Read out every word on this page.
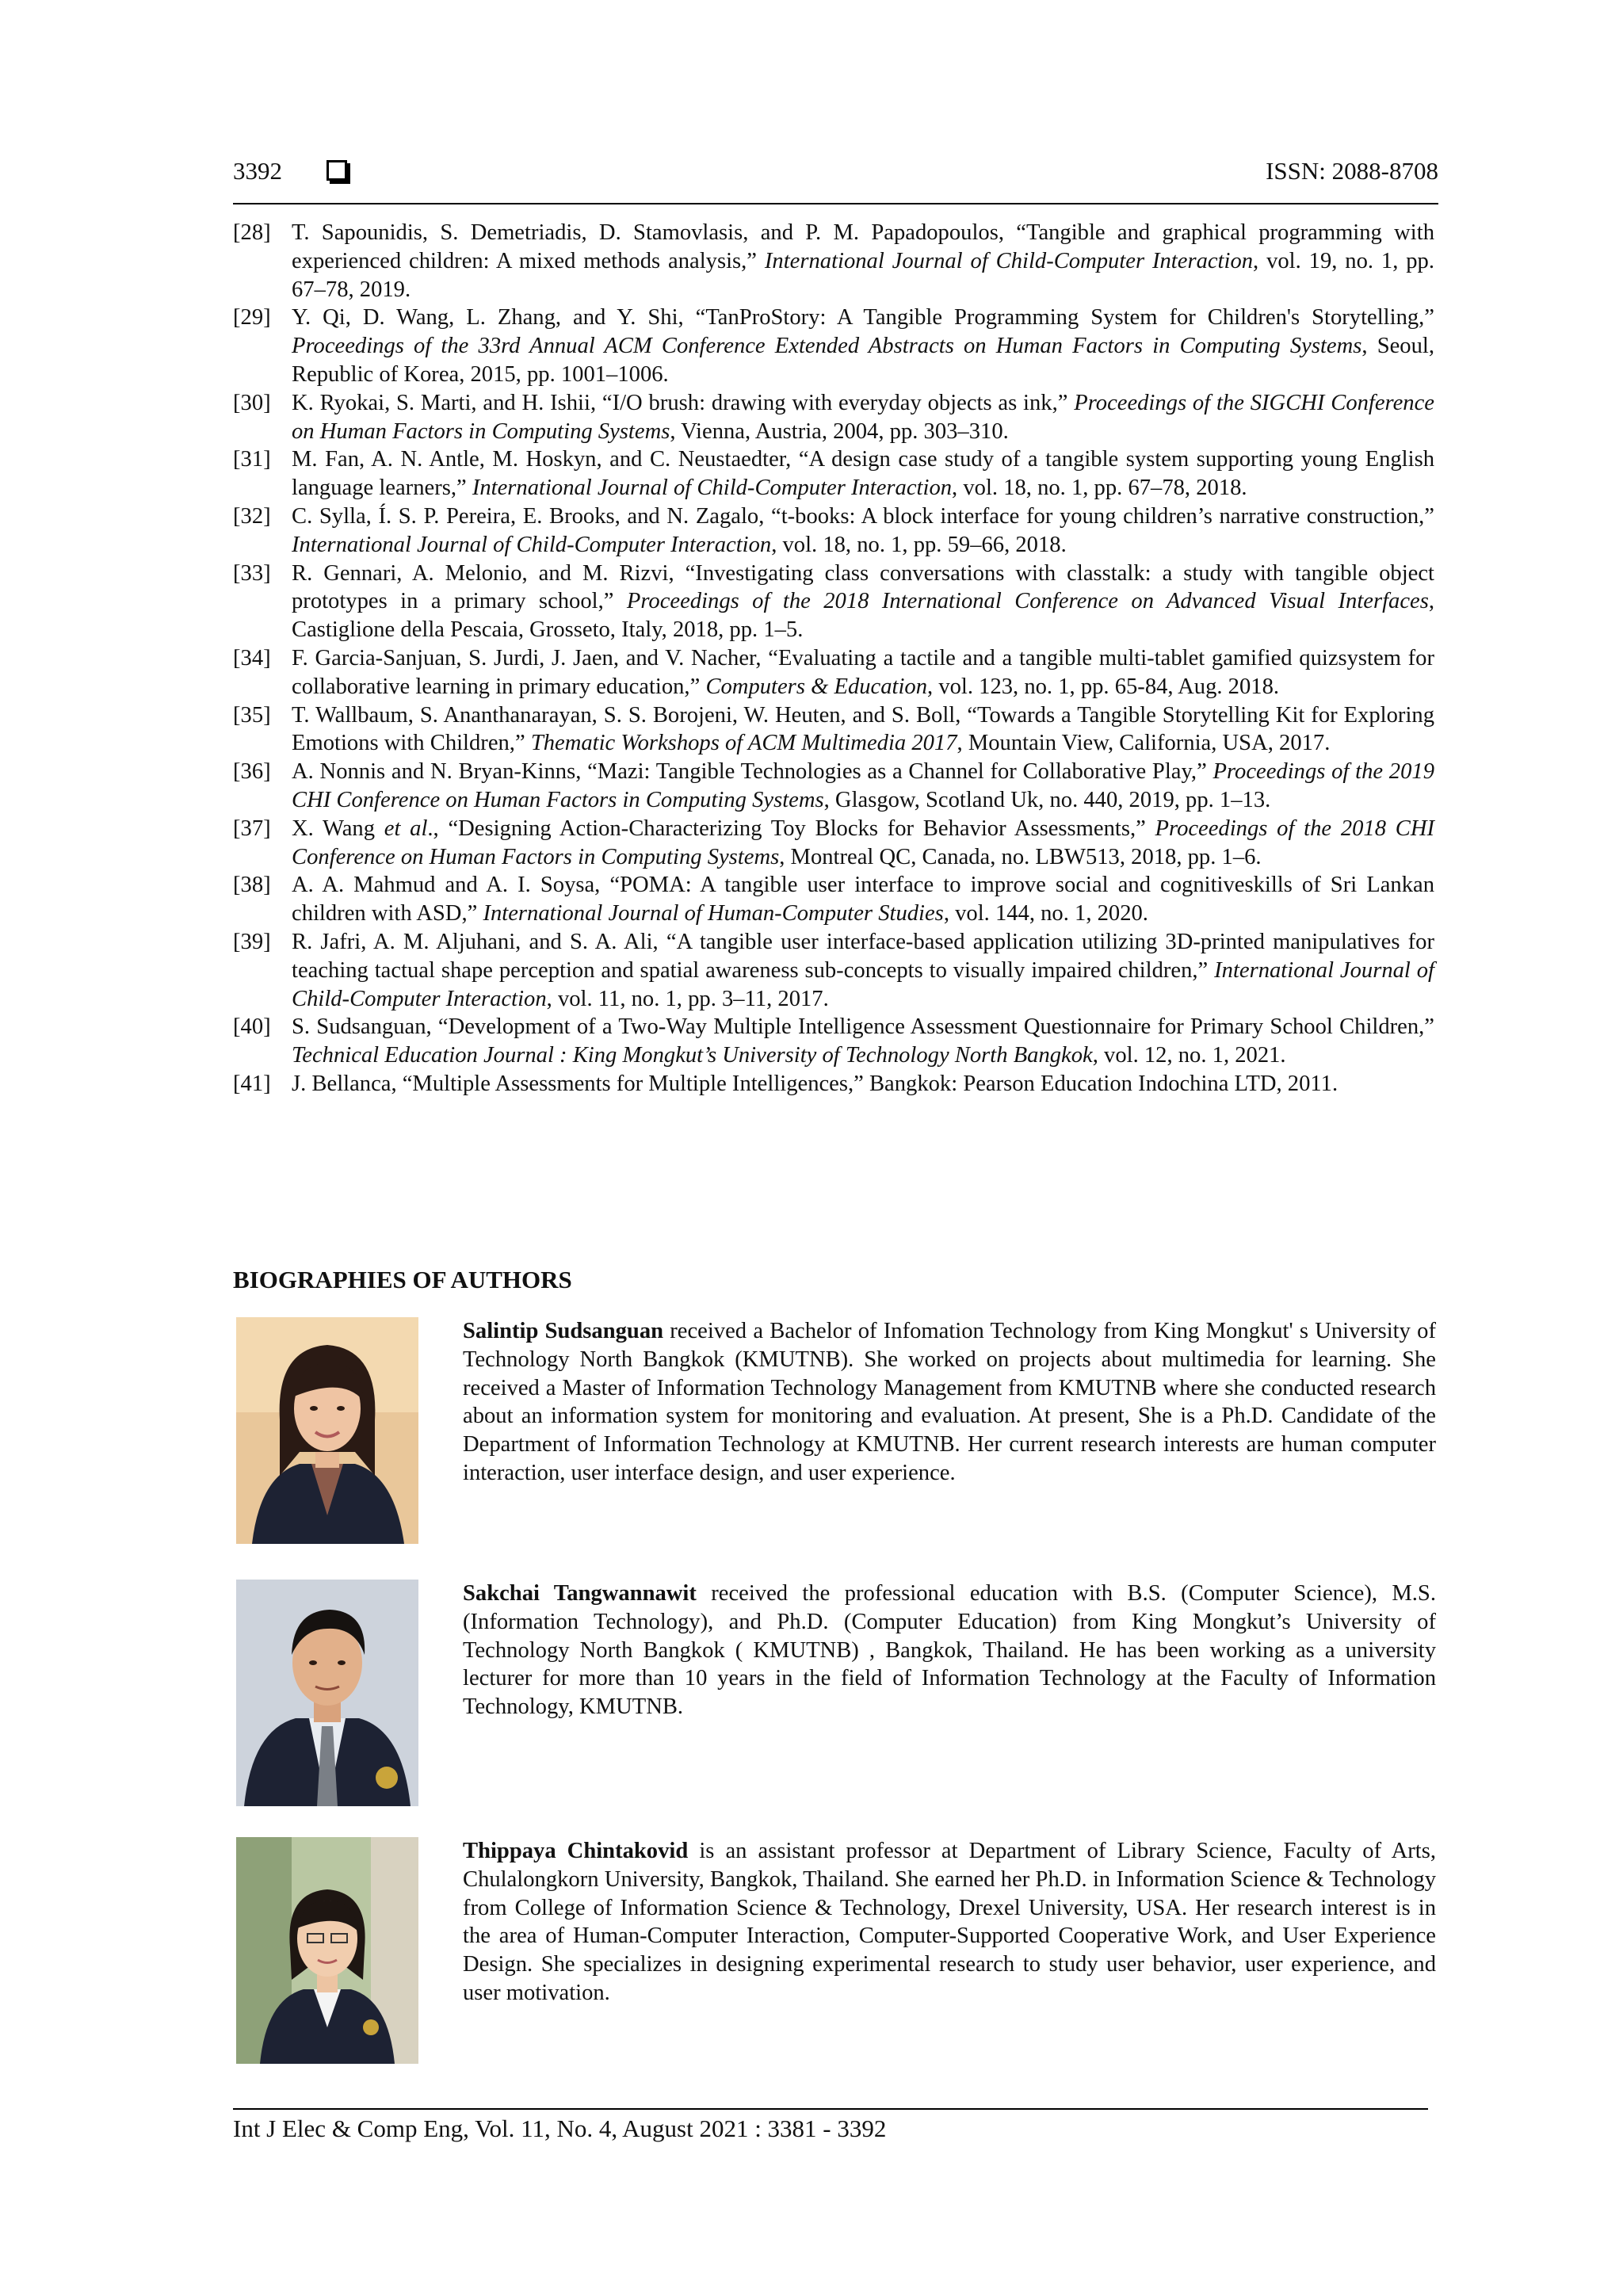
3392	ISSN: 2088-8708
[28] T. Sapounidis, S. Demetriadis, D. Stamovlasis, and P. M. Papadopoulos, “Tangible and graphical programming with experienced children: A mixed methods analysis,” International Journal of Child-Computer Interaction, vol. 19, no. 1, pp. 67–78, 2019.
[29] Y. Qi, D. Wang, L. Zhang, and Y. Shi, “TanProStory: A Tangible Programming System for Children's Storytelling,” Proceedings of the 33rd Annual ACM Conference Extended Abstracts on Human Factors in Computing Systems, Seoul, Republic of Korea, 2015, pp. 1001–1006.
[30] K. Ryokai, S. Marti, and H. Ishii, “I/O brush: drawing with everyday objects as ink,” Proceedings of the SIGCHI Conference on Human Factors in Computing Systems, Vienna, Austria, 2004, pp. 303–310.
[31] M. Fan, A. N. Antle, M. Hoskyn, and C. Neustaedter, “A design case study of a tangible system supporting young English language learners,” International Journal of Child-Computer Interaction, vol. 18, no. 1, pp. 67–78, 2018.
[32] C. Sylla, Í. S. P. Pereira, E. Brooks, and N. Zagalo, “t-books: A block interface for young children’s narrative construction,” International Journal of Child-Computer Interaction, vol. 18, no. 1, pp. 59–66, 2018.
[33] R. Gennari, A. Melonio, and M. Rizvi, “Investigating class conversations with classtalk: a study with tangible object prototypes in a primary school,” Proceedings of the 2018 International Conference on Advanced Visual Interfaces, Castiglione della Pescaia, Grosseto, Italy, 2018, pp. 1–5.
[34] F. Garcia-Sanjuan, S. Jurdi, J. Jaen, and V. Nacher, “Evaluating a tactile and a tangible multi-tablet gamified quizsystem for collaborative learning in primary education,” Computers & Education, vol. 123, no. 1, pp. 65-84, Aug. 2018.
[35] T. Wallbaum, S. Ananthanarayan, S. S. Borojeni, W. Heuten, and S. Boll, “Towards a Tangible Storytelling Kit for Exploring Emotions with Children,” Thematic Workshops of ACM Multimedia 2017, Mountain View, California, USA, 2017.
[36] A. Nonnis and N. Bryan-Kinns, “Mazi: Tangible Technologies as a Channel for Collaborative Play,” Proceedings of the 2019 CHI Conference on Human Factors in Computing Systems, Glasgow, Scotland Uk, no. 440, 2019, pp. 1–13.
[37] X. Wang et al., “Designing Action-Characterizing Toy Blocks for Behavior Assessments,” Proceedings of the 2018 CHI Conference on Human Factors in Computing Systems, Montreal QC, Canada, no. LBW513, 2018, pp. 1–6.
[38] A. A. Mahmud and A. I. Soysa, “POMA: A tangible user interface to improve social and cognitiveskills of Sri Lankan children with ASD,” International Journal of Human-Computer Studies, vol. 144, no. 1, 2020.
[39] R. Jafri, A. M. Aljuhani, and S. A. Ali, “A tangible user interface-based application utilizing 3D-printed manipulatives for teaching tactual shape perception and spatial awareness sub-concepts to visually impaired children,” International Journal of Child-Computer Interaction, vol. 11, no. 1, pp. 3–11, 2017.
[40] S. Sudsanguan, “Development of a Two-Way Multiple Intelligence Assessment Questionnaire for Primary School Children,” Technical Education Journal : King Mongkut’s University of Technology North Bangkok, vol. 12, no. 1, 2021.
[41] J. Bellanca, “Multiple Assessments for Multiple Intelligences,” Bangkok: Pearson Education Indochina LTD, 2011.
BIOGRAPHIES OF AUTHORS

Salintip Sudsanguan received a Bachelor of Infomation Technology from King Mongkut' s University of Technology North Bangkok (KMUTNB). She worked on projects about multimedia for learning. She received a Master of Information Technology Management from KMUTNB where she conducted research about an information system for monitoring and evaluation. At present, She is a Ph.D. Candidate of the Department of Information Technology at KMUTNB. Her current research interests are human computer interaction, user interface design, and user experience.

Sakchai Tangwannawit received the professional education with B.S. (Computer Science), M.S. (Information Technology), and Ph.D. (Computer Education) from King Mongkut’s University of Technology North Bangkok ( KMUTNB) , Bangkok, Thailand. He has been working as a university lecturer for more than 10 years in the field of Information Technology at the Faculty of Information Technology, KMUTNB.

Thippaya Chintakovid is an assistant professor at Department of Library Science, Faculty of Arts, Chulalongkorn University, Bangkok, Thailand. She earned her Ph.D. in Information Science & Technology from College of Information Science & Technology, Drexel University, USA. Her research interest is in the area of Human-Computer Interaction, Computer-Supported Cooperative Work, and User Experience Design. She specializes in designing experimental research to study user behavior, user experience, and user motivation.

Int J Elec & Comp Eng, Vol. 11, No. 4, August 2021 : 3381 - 3392
